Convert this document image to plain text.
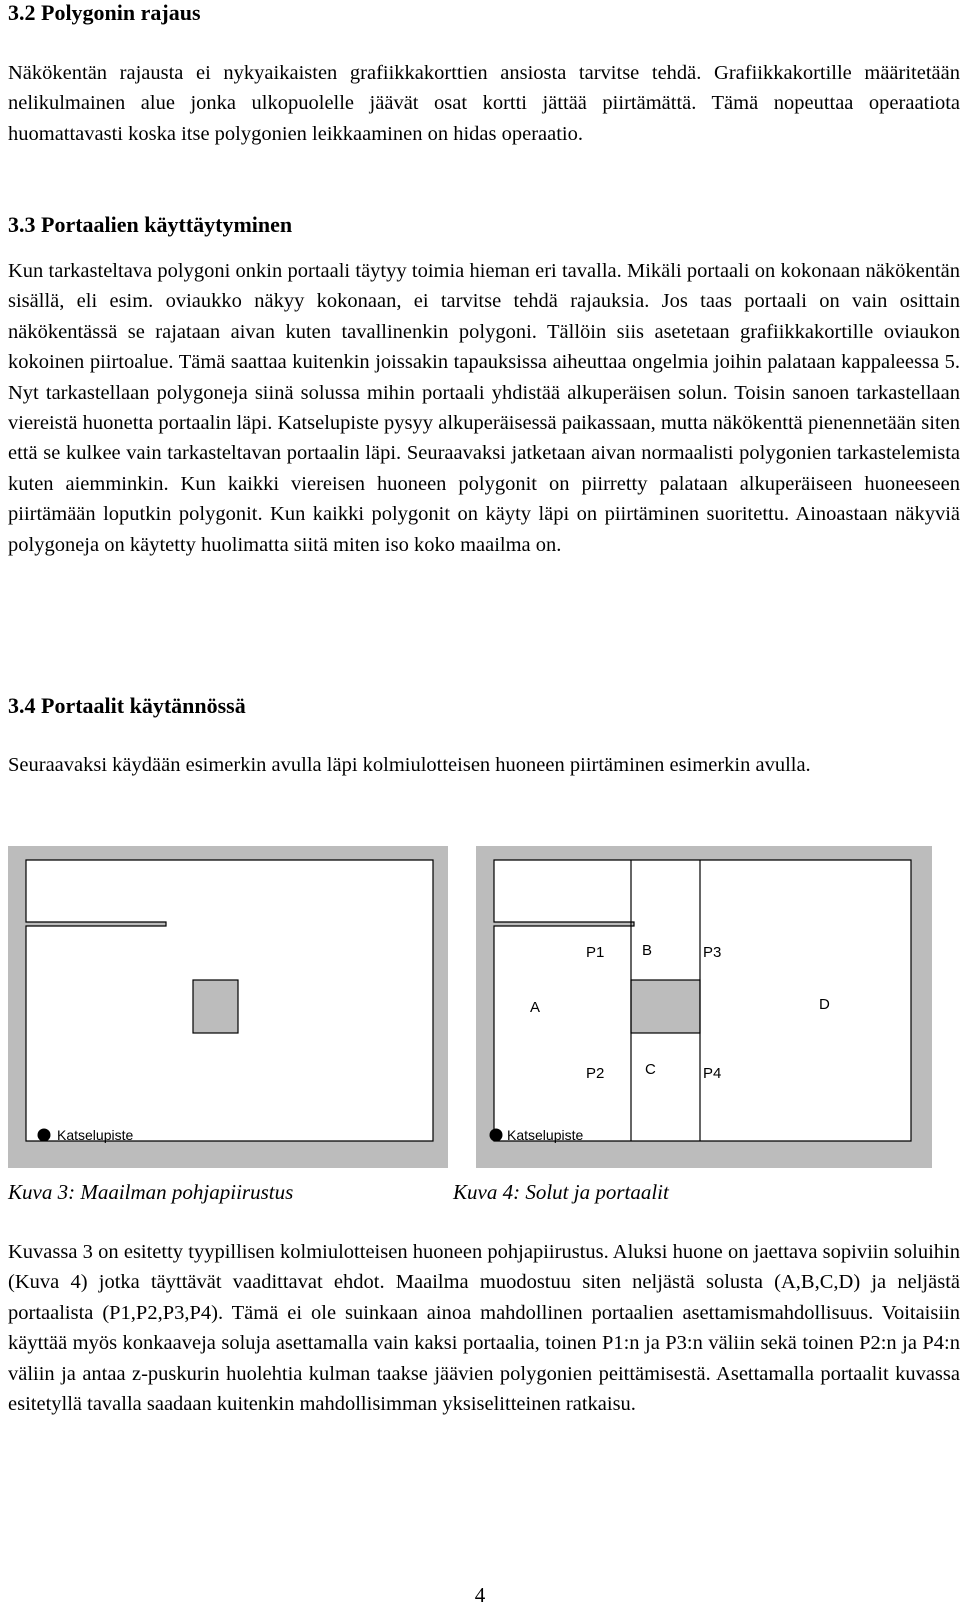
3.2 Polygonin rajaus

Näkökentän rajausta ei nykyaikaisten grafiikkakorttien ansiosta tarvitse tehdä. Grafiikkakortille määritetään nelikulmainen alue jonka ulkopuolelle jäävät osat kortti jättää piirtämättä. Tämä nopeuttaa operaatiota huomattavasti koska itse polygonien leikkaaminen on hidas operaatio.

3.3 Portaalien käyttäytyminen

Kun tarkasteltava polygoni onkin portaali täytyy toimia hieman eri tavalla. Mikäli portaali on kokonaan näkökentän sisällä, eli esim. oviaukko näkyy kokonaan, ei tarvitse tehdä rajauksia. Jos taas portaali on vain osittain näkökentässä se rajataan aivan kuten tavallinenkin polygoni. Tällöin siis asetetaan grafiikkakortille oviaukon kokoinen piirtoalue. Tämä saattaa kuitenkin joissakin tapauksissa aiheuttaa ongelmia joihin palataan kappaleessa 5. Nyt tarkastellaan polygoneja siinä solussa mihin portaali yhdistää alkuperäisen solun. Toisin sanoen tarkastellaan viereistä huonetta portaalin läpi. Katselupiste pysyy alkuperäisessä paikassaan, mutta näkökenttä pienennetään siten että se kulkee vain tarkasteltavan portaalin läpi. Seuraavaksi jatketaan aivan normaalisti polygonien tarkastelemista kuten aiemminkin. Kun kaikki viereisen huoneen polygonit on piirretty palataan alkuperäiseen huoneeseen piirtämään loputkin polygonit. Kun kaikki polygonit on käyty läpi on piirtäminen suoritettu. Ainoastaan näkyviä polygoneja on käytetty huolimatta siitä miten iso koko maailma on.

3.4 Portaalit käytännössä

Seuraavaksi käydään esimerkin avulla läpi kolmiulotteisen huoneen piirtäminen esimerkin avulla.

Katselupiste
P1	B	P3
A	D
P2	C	P4
Katselupiste

Kuva 3: Maailman pohjapiirustus	Kuva 4: Solut ja portaalit

Kuvassa 3 on esitetty tyypillisen kolmiulotteisen huoneen pohjapiirustus. Aluksi huone on jaettava sopiviin soluihin (Kuva 4) jotka täyttävät vaadittavat ehdot. Maailma muodostuu siten neljästä solusta (A,B,C,D) ja neljästä portaalista (P1,P2,P3,P4). Tämä ei ole suinkaan ainoa mahdollinen portaalien asettamismahdollisuus. Voitaisiin käyttää myös konkaaveja soluja asettamalla vain kaksi portaalia, toinen P1:n ja P3:n väliin sekä toinen P2:n ja P4:n väliin ja antaa z-puskurin huolehtia kulman taakse jäävien polygonien peittämisestä. Asettamalla portaalit kuvassa esitetyllä tavalla saadaan kuitenkin mahdollisimman yksiselitteinen ratkaisu.

4
